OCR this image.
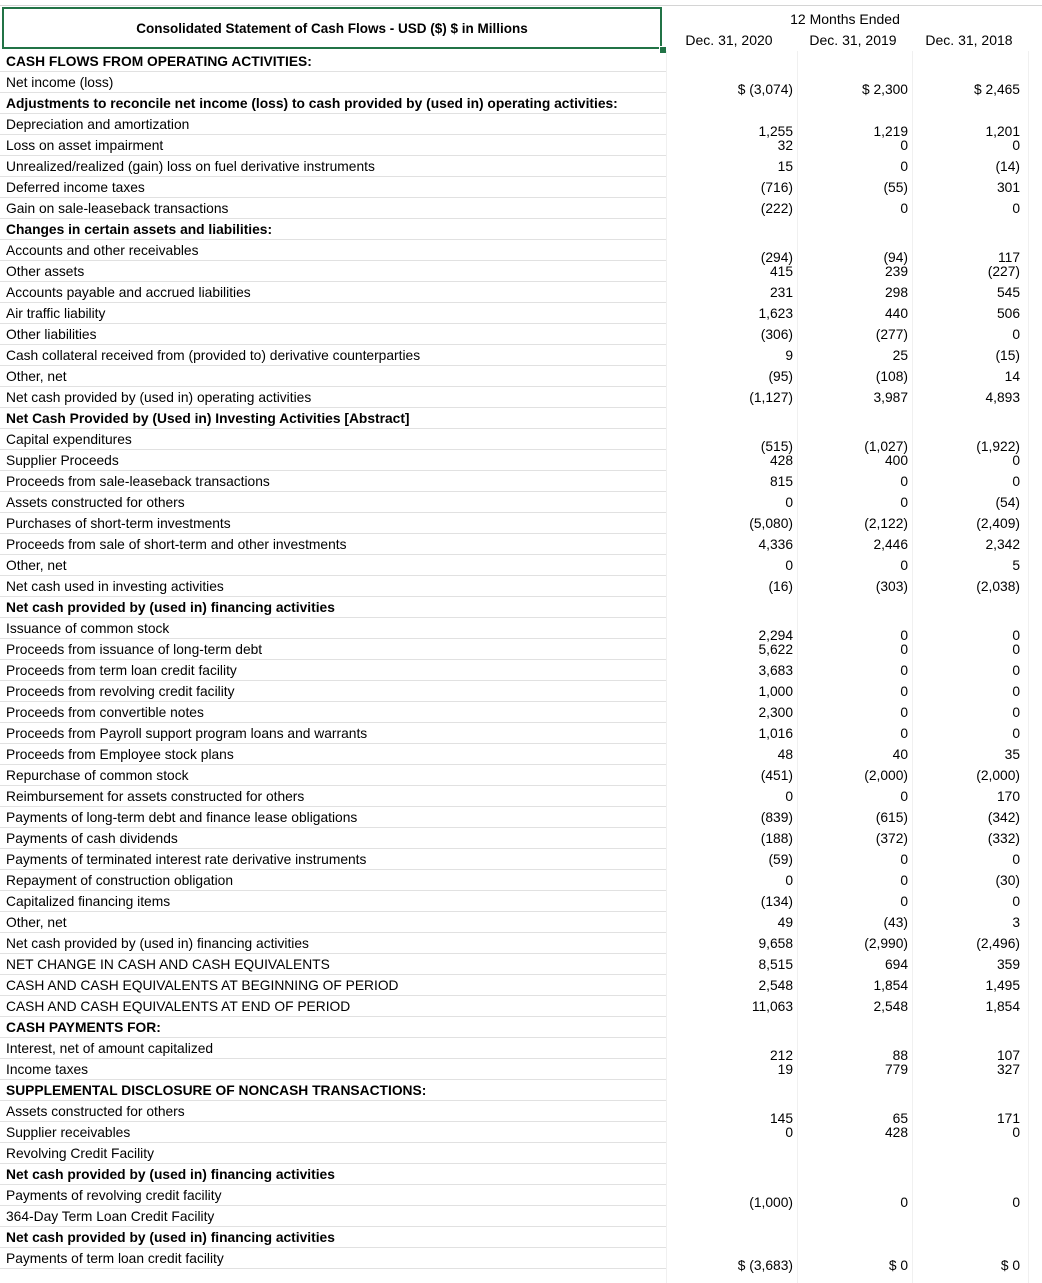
Consolidated Statement of Cash Flows - USD ($) $ in Millions
12 Months Ended
Dec. 31, 2020	Dec. 31, 2019	Dec. 31, 2018
CASH FLOWS FROM OPERATING ACTIVITIES:
Net income (loss)	$ (3,074)	$ 2,300	$ 2,465
Adjustments to reconcile net income (loss) to cash provided by (used in) operating activities:
Depreciation and amortization	1,255	1,219	1,201
Loss on asset impairment	32	0	0
Unrealized/realized (gain) loss on fuel derivative instruments	15	0	(14)
Deferred income taxes	(716)	(55)	301
Gain on sale-leaseback transactions	(222)	0	0
Changes in certain assets and liabilities:
Accounts and other receivables	(294)	(94)	117
Other assets	415	239	(227)
Accounts payable and accrued liabilities	231	298	545
Air traffic liability	1,623	440	506
Other liabilities	(306)	(277)	0
Cash collateral received from (provided to) derivative counterparties	9	25	(15)
Other, net	(95)	(108)	14
Net cash provided by (used in) operating activities	(1,127)	3,987	4,893
Net Cash Provided by (Used in) Investing Activities [Abstract]
Capital expenditures	(515)	(1,027)	(1,922)
Supplier Proceeds	428	400	0
Proceeds from sale-leaseback transactions	815	0	0
Assets constructed for others	0	0	(54)
Purchases of short-term investments	(5,080)	(2,122)	(2,409)
Proceeds from sale of short-term and other investments	4,336	2,446	2,342
Other, net	0	0	5
Net cash used in investing activities	(16)	(303)	(2,038)
Net cash provided by (used in) financing activities
Issuance of common stock	2,294	0	0
Proceeds from issuance of long-term debt	5,622	0	0
Proceeds from term loan credit facility	3,683	0	0
Proceeds from revolving credit facility	1,000	0	0
Proceeds from convertible notes	2,300	0	0
Proceeds from Payroll support program loans and warrants	1,016	0	0
Proceeds from Employee stock plans	48	40	35
Repurchase of common stock	(451)	(2,000)	(2,000)
Reimbursement for assets constructed for others	0	0	170
Payments of long-term debt and finance lease obligations	(839)	(615)	(342)
Payments of cash dividends	(188)	(372)	(332)
Payments of terminated interest rate derivative instruments	(59)	0	0
Repayment of construction obligation	0	0	(30)
Capitalized financing items	(134)	0	0
Other, net	49	(43)	3
Net cash provided by (used in) financing activities	9,658	(2,990)	(2,496)
NET CHANGE IN CASH AND CASH EQUIVALENTS	8,515	694	359
CASH AND CASH EQUIVALENTS AT BEGINNING OF PERIOD	2,548	1,854	1,495
CASH AND CASH EQUIVALENTS AT END OF PERIOD	11,063	2,548	1,854
CASH PAYMENTS FOR:
Interest, net of amount capitalized	212	88	107
Income taxes	19	779	327
SUPPLEMENTAL DISCLOSURE OF NONCASH TRANSACTIONS:
Assets constructed for others	145	65	171
Supplier receivables	0	428	0
Revolving Credit Facility
Net cash provided by (used in) financing activities
Payments of revolving credit facility	(1,000)	0	0
364-Day Term Loan Credit Facility
Net cash provided by (used in) financing activities
Payments of term loan credit facility	$ (3,683)	$ 0	$ 0
